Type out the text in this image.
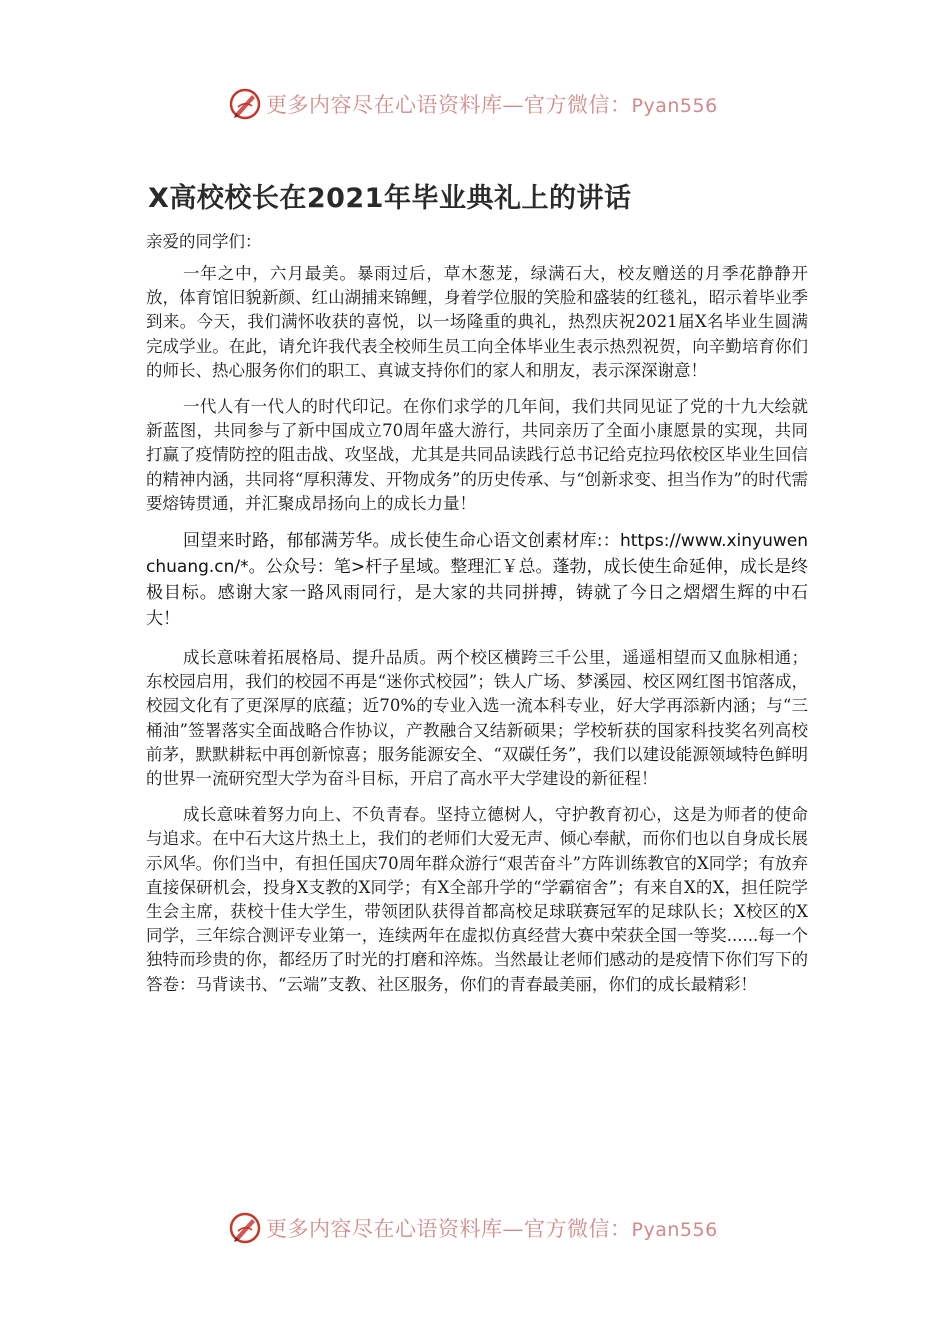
更多内容尽在心语资料库—官方微信：Pyan556
X高校校长在2021年毕业典礼上的讲话

亲爱的同学们：

一年之中，六月最美。暴雨过后，草木葱茏，绿满石大，校友赠送的月季花静静开放，体育馆旧貌新颜、红山湖捕来锦鲤，身着学位服的笑脸和盛装的红毯礼，昭示着毕业季到来。今天，我们满怀收获的喜悦，以一场隆重的典礼，热烈庆祝2021届X名毕业生圆满完成学业。在此，请允许我代表全校师生员工向全体毕业生表示热烈祝贺，向辛勤培育你们的师长、热心服务你们的职工、真诚支持你们的家人和朋友，表示深深谢意！

一代人有一代人的时代印记。在你们求学的几年间，我们共同见证了党的十九大绘就新蓝图，共同参与了新中国成立70周年盛大游行，共同亲历了全面小康愿景的实现，共同打赢了疫情防控的阻击战、攻坚战，尤其是共同品读践行总书记给克拉玛依校区毕业生回信的精神内涵，共同将“厚积薄发、开物成务”的历史传承、与“创新求变、担当作为”的时代需要熔铸贯通，并汇聚成昂扬向上的成长力量！

回望来时路，郁郁满芳华。成长使生命心语文创素材库:：https://www.xinyuwenchuang.cn/*。公众号：笔>杆子星域。整理汇￥总。蓬勃，成长使生命延伸，成长是终极目标。感谢大家一路风雨同行，是大家的共同拼搏，铸就了今日之熠熠生辉的中石大！

成长意味着拓展格局、提升品质。两个校区横跨三千公里，遥遥相望而又血脉相通；东校园启用，我们的校园不再是“迷你式校园”；铁人广场、梦溪园、校区网红图书馆落成，校园文化有了更深厚的底蕴；近70%的专业入选一流本科专业，好大学再添新内涵；与“三桶油”签署落实全面战略合作协议，产教融合又结新硕果；学校斩获的国家科技奖名列高校前茅，默默耕耘中再创新惊喜；服务能源安全、“双碳任务”，我们以建设能源领域特色鲜明的世界一流研究型大学为奋斗目标，开启了高水平大学建设的新征程！

成长意味着努力向上、不负青春。坚持立德树人，守护教育初心，这是为师者的使命与追求。在中石大这片热土上，我们的老师们大爱无声、倾心奉献，而你们也以自身成长展示风华。你们当中，有担任国庆70周年群众游行“艰苦奋斗”方阵训练教官的X同学；有放弃直接保研机会，投身X支教的X同学；有X全部升学的“学霸宿舍”；有来自X的X，担任院学生会主席，获校十佳大学生，带领团队获得首都高校足球联赛冠军的足球队长；X校区的X同学，三年综合测评专业第一，连续两年在虚拟仿真经营大赛中荣获全国一等奖......每一个独特而珍贵的你，都经历了时光的打磨和淬炼。当然最让老师们感动的是疫情下你们写下的答卷：马背读书、“云端”支教、社区服务，你们的青春最美丽，你们的成长最精彩！

更多内容尽在心语资料库—官方微信：Pyan556
